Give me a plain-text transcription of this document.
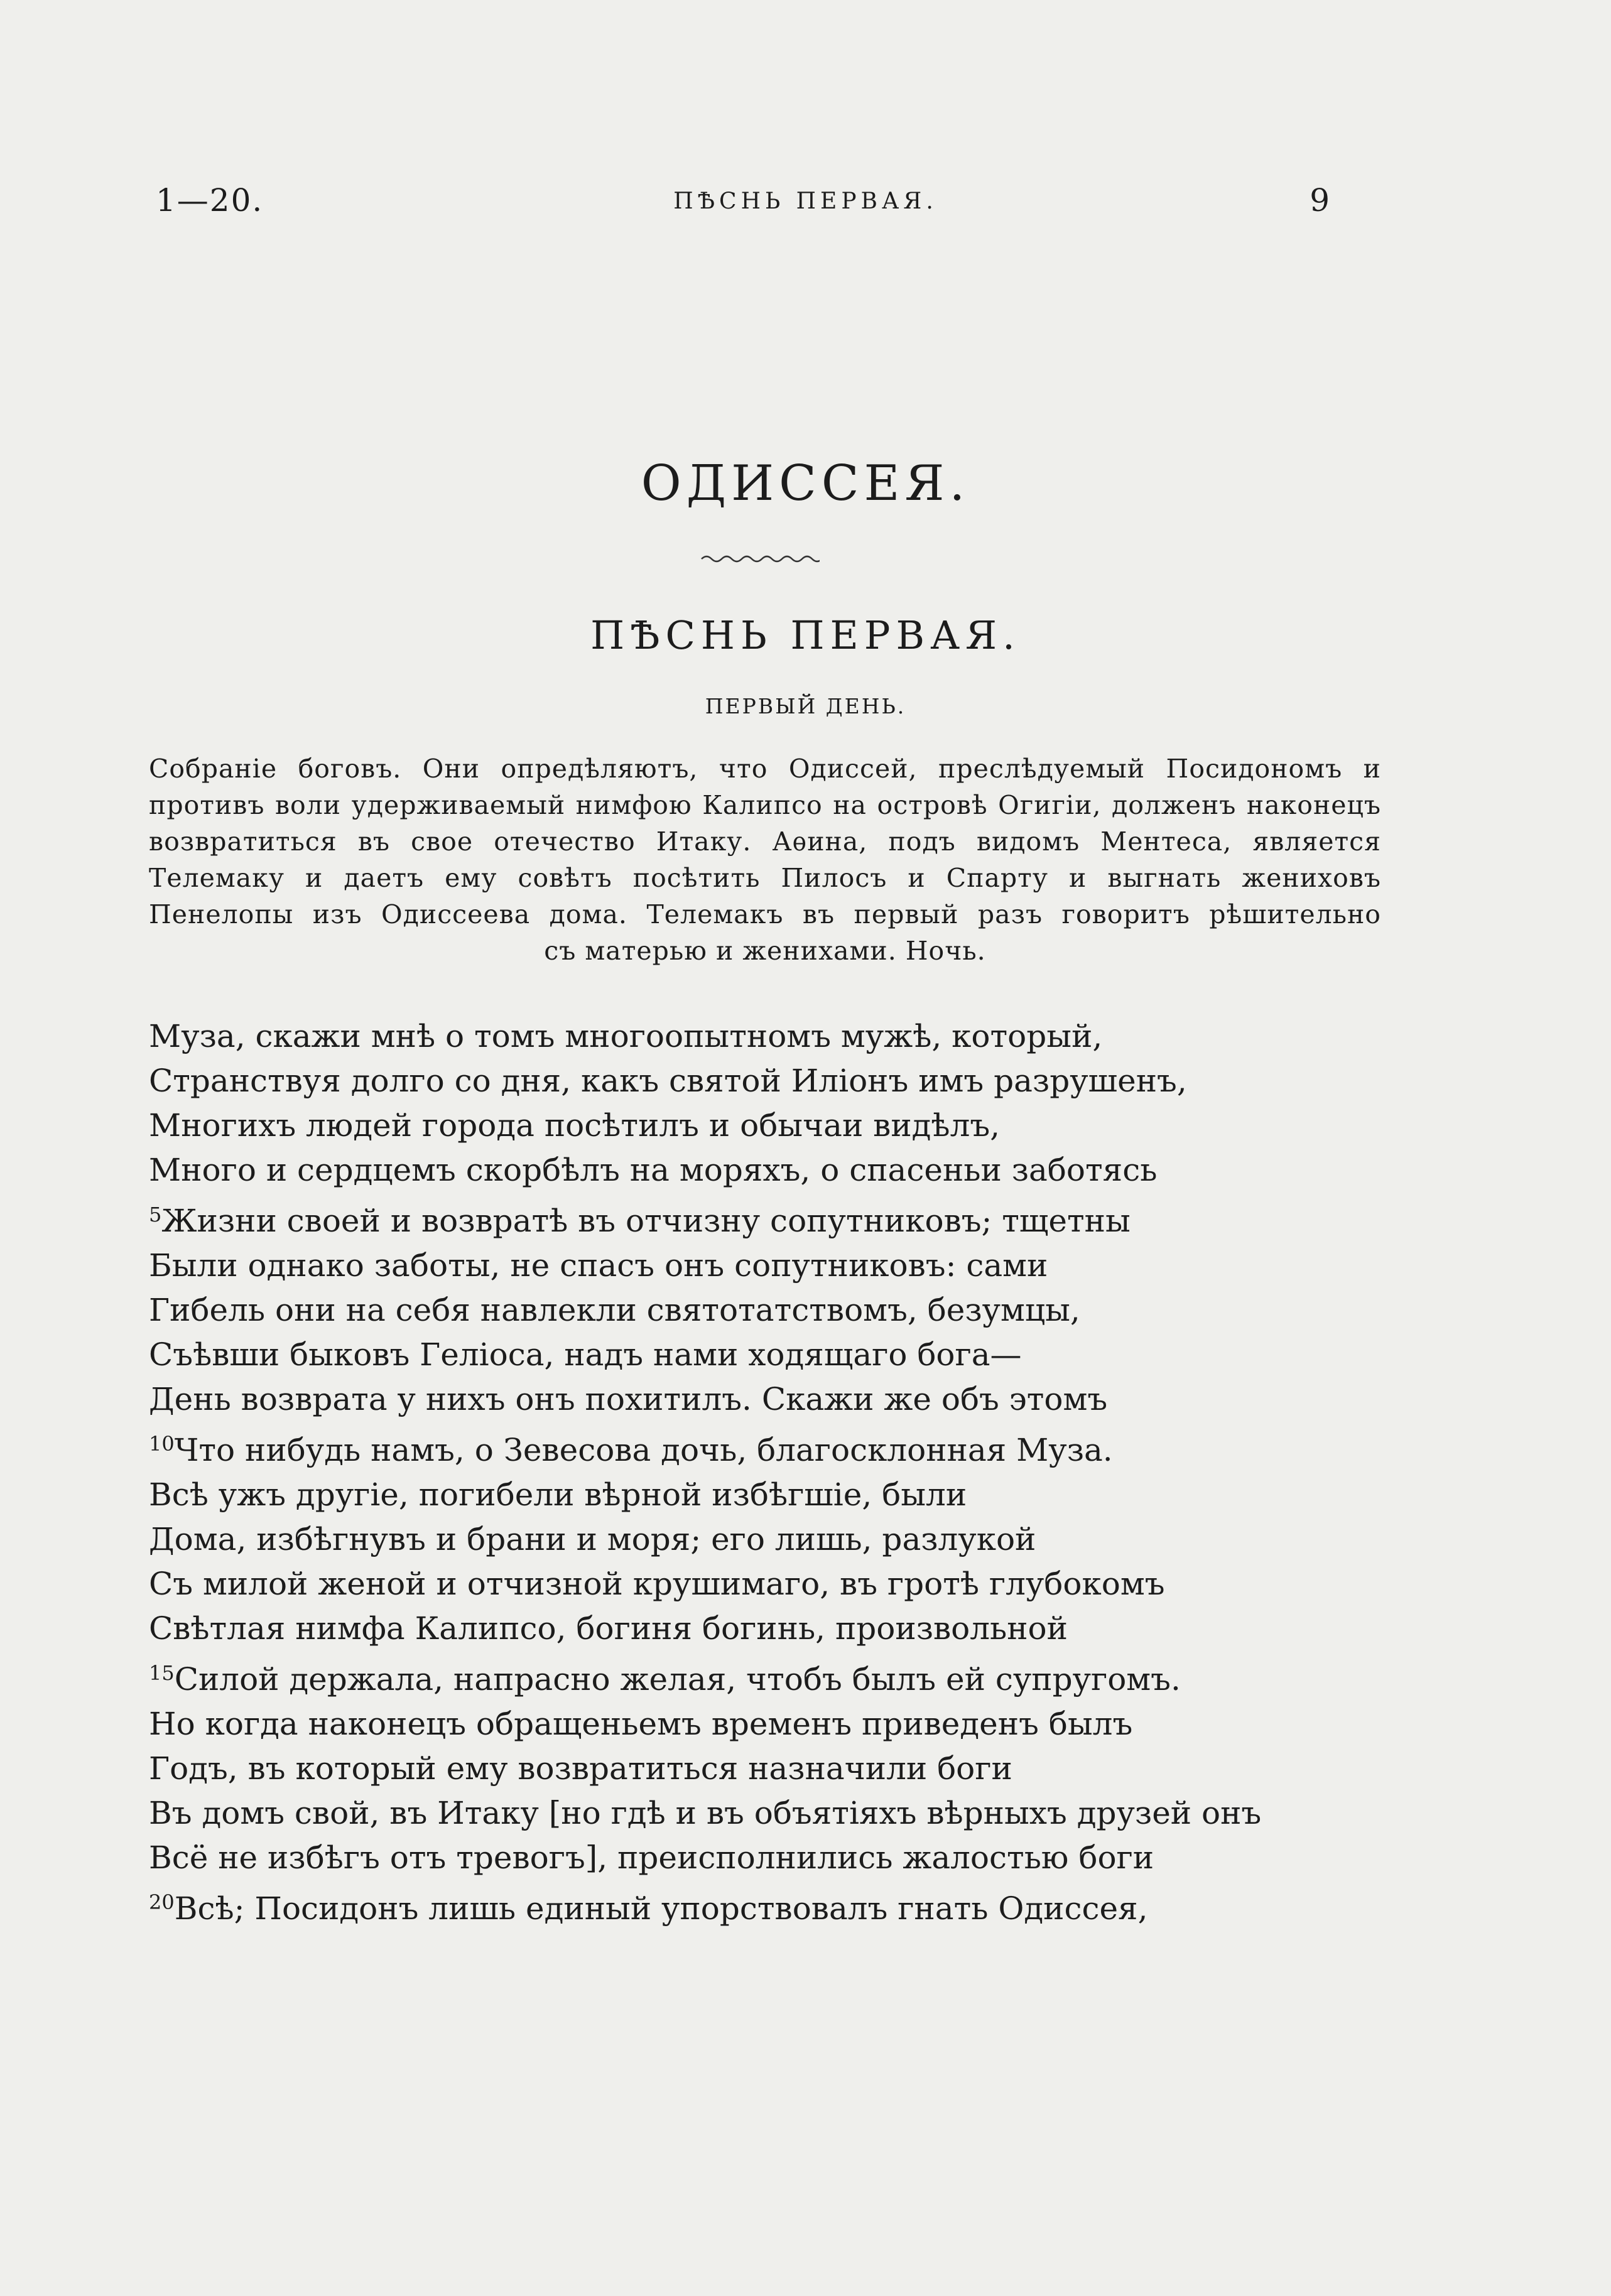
1—20.	ПѢСНЬ ПЕРВАЯ.	9
ОДИССЕЯ.
ПѢСНЬ ПЕРВАЯ.
ПЕРВЫЙ ДЕНЬ.
Собраніе боговъ. Они опредѣляютъ, что Одиссей, преслѣдуемый Посидономъ и
противъ воли удерживаемый нимфою Калипсо на островѣ Огигіи, долженъ наконецъ
возвратиться въ свое отечество Итаку. Аѳина, подъ видомъ Ментеса, является
Телемаку и даетъ ему совѣтъ посѣтить Пилосъ и Спарту и выгнать жениховъ
Пенелопы изъ Одиссеева дома. Телемакъ въ первый разъ говоритъ рѣшительно
съ матерью и женихами. Ночь.
Муза, скажи мнѣ о томъ многоопытномъ мужѣ, который,
Странствуя долго со дня, какъ святой Иліонъ имъ разрушенъ,
Многихъ людей города посѣтилъ и обычаи видѣлъ,
Много и сердцемъ скорбѣлъ на моряхъ, о спасеньи заботясь
$^5$Жизни своей и возвратѣ въ отчизну сопутниковъ; тщетны
Были однако заботы, не спасъ онъ сопутниковъ: сами
Гибель они на себя навлекли святотатствомъ, безумцы,
Съѣвши быковъ Геліоса, надъ нами ходящаго бога—
День возврата у нихъ онъ похитилъ. Скажи же объ этомъ
$^{10}$Что нибудь намъ, о Зевесова дочь, благосклонная Муза.
Всѣ ужъ другіе, погибели вѣрной избѣгшіе, были
Дома, избѣгнувъ и брани и моря; его лишь, разлукой
Съ милой женой и отчизной крушимаго, въ гротѣ глубокомъ
Свѣтлая нимфа Калипсо, богиня богинь, произвольной
$^{15}$Силой держала, напрасно желая, чтобъ былъ ей супругомъ.
Но когда наконецъ обращеньемъ временъ приведенъ былъ
Годъ, въ который ему возвратиться назначили боги
Въ домъ свой, въ Итаку [но гдѣ и въ объятіяхъ вѣрныхъ друзей онъ
Всё не избѣгъ отъ тревогъ], преисполнились жалостью боги
$^{20}$Всѣ; Посидонъ лишь единый упорствовалъ гнать Одиссея,
